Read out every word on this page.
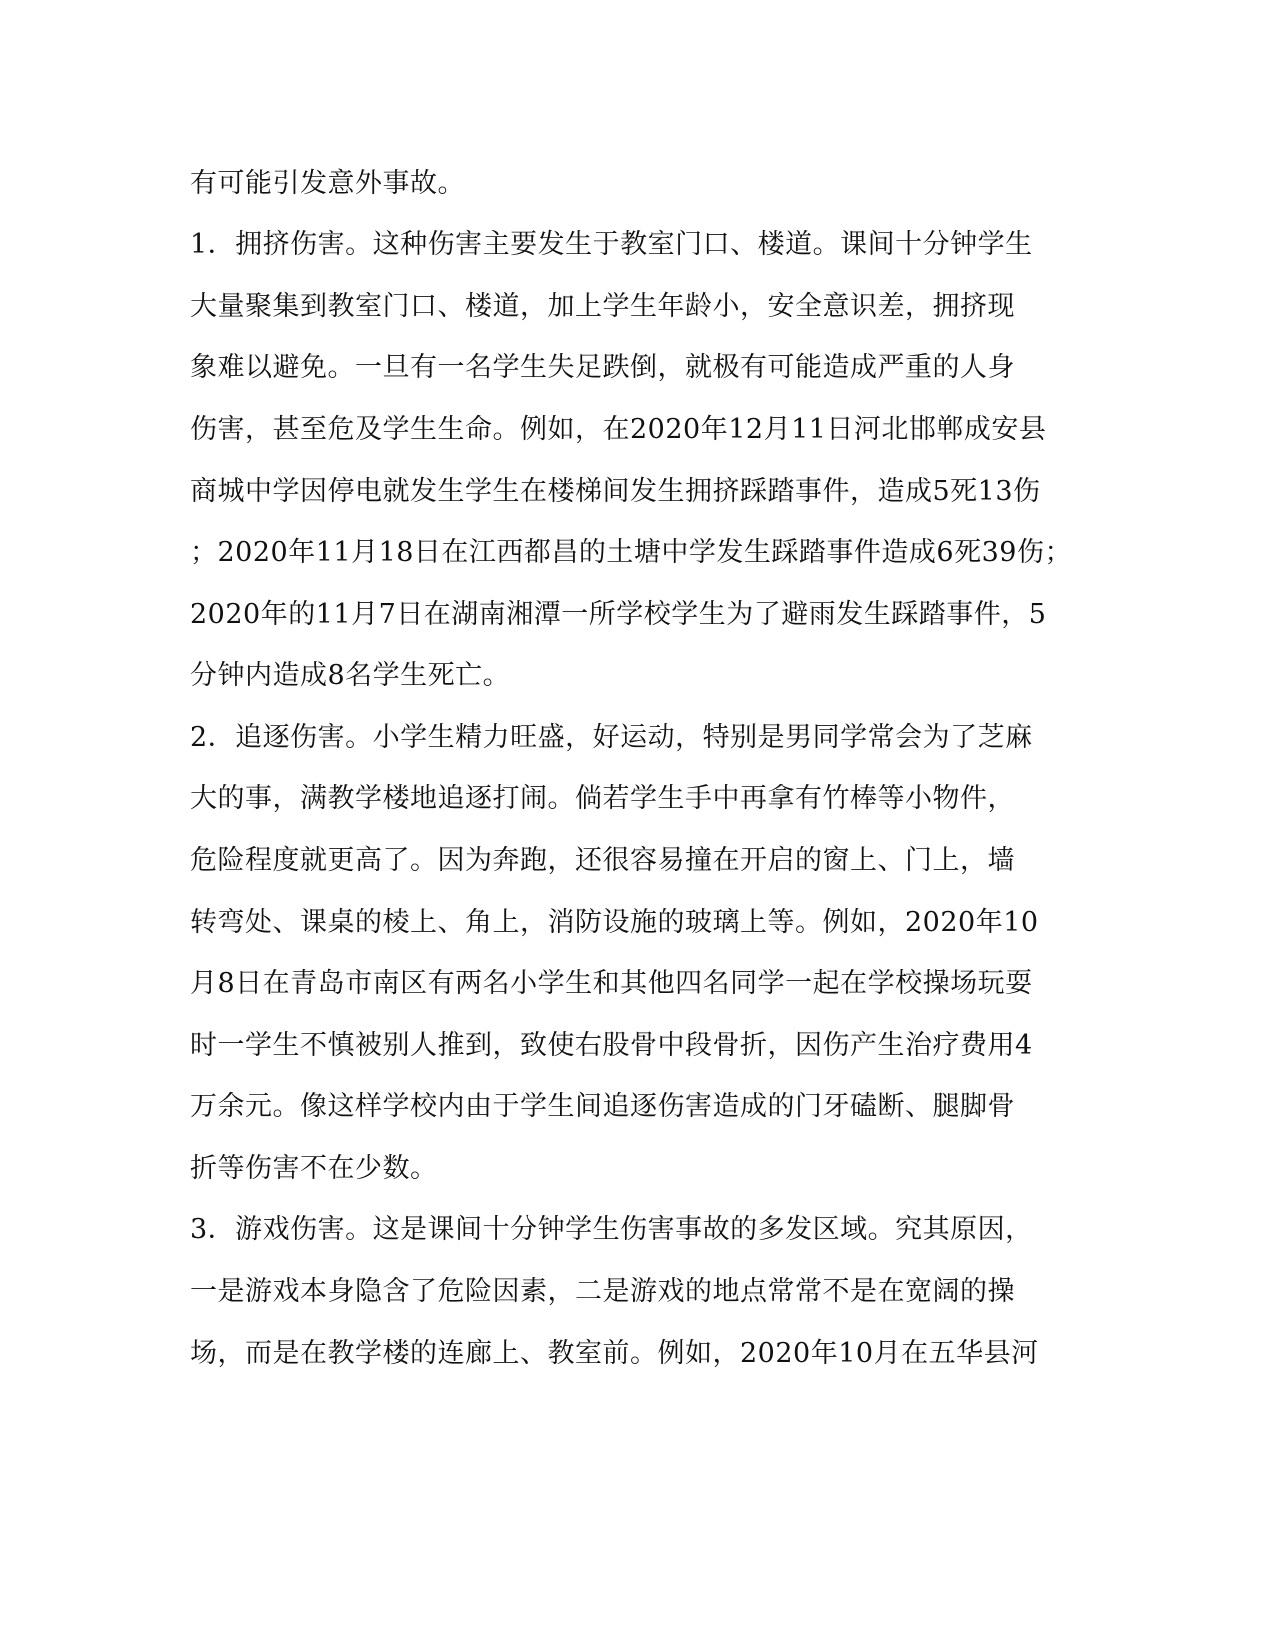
有可能引发意外事故。
1．拥挤伤害。这种伤害主要发生于教室门口、楼道。课间十分钟学生
大量聚集到教室门口、楼道，加上学生年龄小，安全意识差，拥挤现
象难以避免。一旦有一名学生失足跌倒，就极有可能造成严重的人身
伤害，甚至危及学生生命。例如，在2020年12月11日河北邯郸成安县
商城中学因停电就发生学生在楼梯间发生拥挤踩踏事件，造成5死13伤
；2020年11月18日在江西都昌的土塘中学发生踩踏事件造成6死39伤；
2020年的11月7日在湖南湘潭一所学校学生为了避雨发生踩踏事件，5
分钟内造成8名学生死亡。
2．追逐伤害。小学生精力旺盛，好运动，特别是男同学常会为了芝麻
大的事，满教学楼地追逐打闹。倘若学生手中再拿有竹棒等小物件，
危险程度就更高了。因为奔跑，还很容易撞在开启的窗上、门上，墙
转弯处、课桌的棱上、角上，消防设施的玻璃上等。例如，2020年10
月8日在青岛市南区有两名小学生和其他四名同学一起在学校操场玩耍
时一学生不慎被别人推到，致使右股骨中段骨折，因伤产生治疗费用4
万余元。像这样学校内由于学生间追逐伤害造成的门牙磕断、腿脚骨
折等伤害不在少数。
3．游戏伤害。这是课间十分钟学生伤害事故的多发区域。究其原因，
一是游戏本身隐含了危险因素，二是游戏的地点常常不是在宽阔的操
场，而是在教学楼的连廊上、教室前。例如，2020年10月在五华县河
